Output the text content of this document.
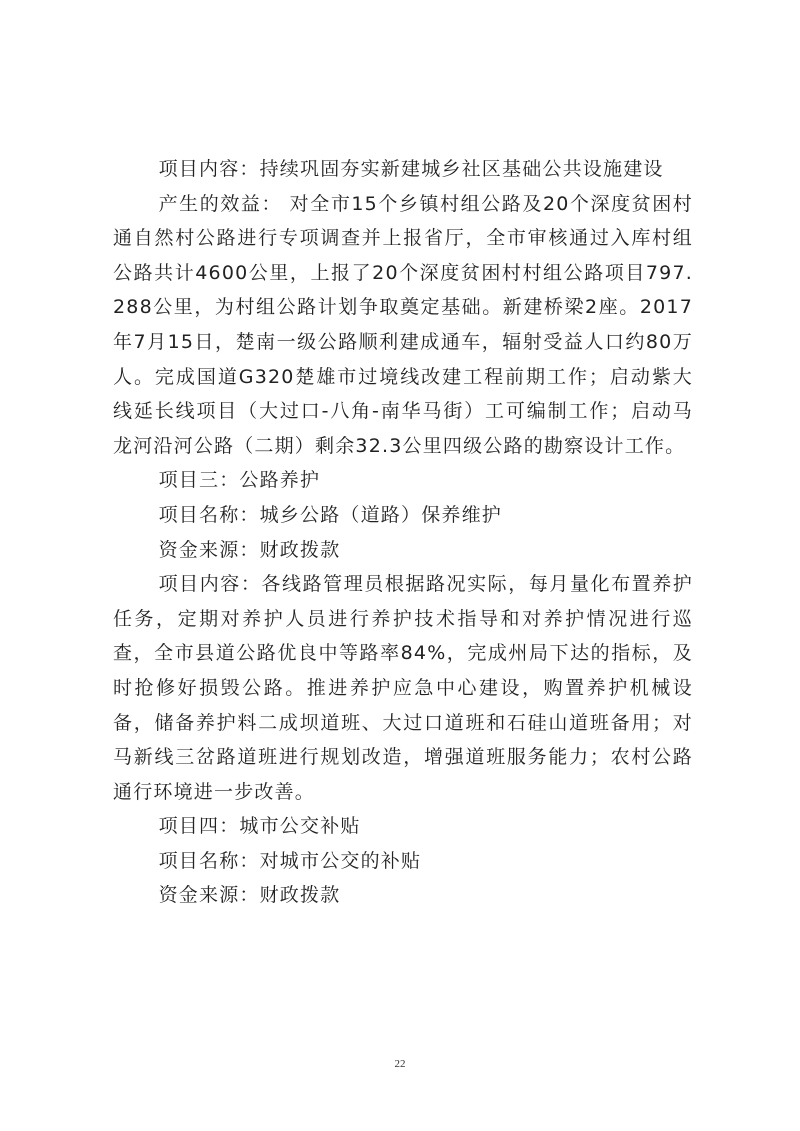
项目内容：持续巩固夯实新建城乡社区基础公共设施建设

产生的效益： 对全市15个乡镇村组公路及20个深度贫困村通自然村公路进行专项调查并上报省厅，全市审核通过入库村组公路共计4600公里，上报了20个深度贫困村村组公路项目797.288公里，为村组公路计划争取奠定基础。新建桥梁2座。2017年7月15日，楚南一级公路顺利建成通车，辐射受益人口约80万人。完成国道G320楚雄市过境线改建工程前期工作；启动紫大线延长线项目（大过口-八角-南华马街）工可编制工作；启动马龙河沿河公路（二期）剩余32.3公里四级公路的勘察设计工作。

项目三：公路养护

项目名称：城乡公路（道路）保养维护

资金来源：财政拨款

项目内容：各线路管理员根据路况实际，每月量化布置养护任务，定期对养护人员进行养护技术指导和对养护情况进行巡查，全市县道公路优良中等路率84%，完成州局下达的指标，及时抢修好损毁公路。推进养护应急中心建设，购置养护机械设备，储备养护料二成坝道班、大过口道班和石硅山道班备用；对马新线三岔路道班进行规划改造，增强道班服务能力；农村公路通行环境进一步改善。

项目四：城市公交补贴

项目名称：对城市公交的补贴

资金来源：财政拨款

22
